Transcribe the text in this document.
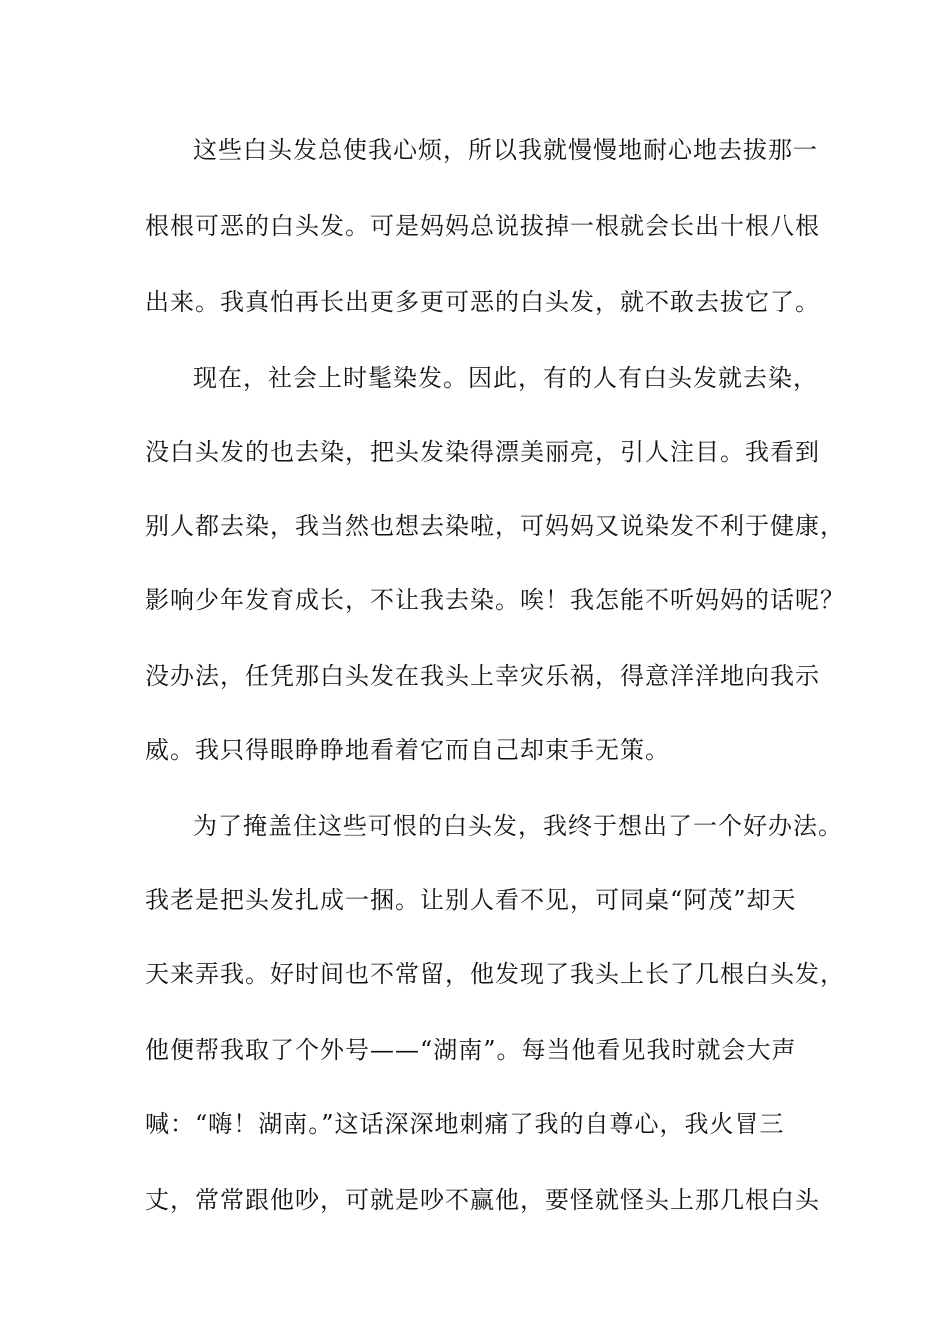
这些白头发总使我心烦，所以我就慢慢地耐心地去拔那一
根根可恶的白头发。可是妈妈总说拔掉一根就会长出十根八根
出来。我真怕再长出更多更可恶的白头发，就不敢去拔它了。
现在，社会上时髦染发。因此，有的人有白头发就去染，
没白头发的也去染，把头发染得漂美丽亮，引人注目。我看到
别人都去染，我当然也想去染啦，可妈妈又说染发不利于健康，
影响少年发育成长，不让我去染。唉！我怎能不听妈妈的话呢？
没办法，任凭那白头发在我头上幸灾乐祸，得意洋洋地向我示
威。我只得眼睁睁地看着它而自己却束手无策。
为了掩盖住这些可恨的白头发，我终于想出了一个好办法。
我老是把头发扎成一捆。让别人看不见，可同桌“阿茂”却天
天来弄我。好时间也不常留，他发现了我头上长了几根白头发，
他便帮我取了个外号——“湖南”。每当他看见我时就会大声
喊：“嗨！湖南。”这话深深地刺痛了我的自尊心，我火冒三
丈，常常跟他吵，可就是吵不赢他，要怪就怪头上那几根白头
